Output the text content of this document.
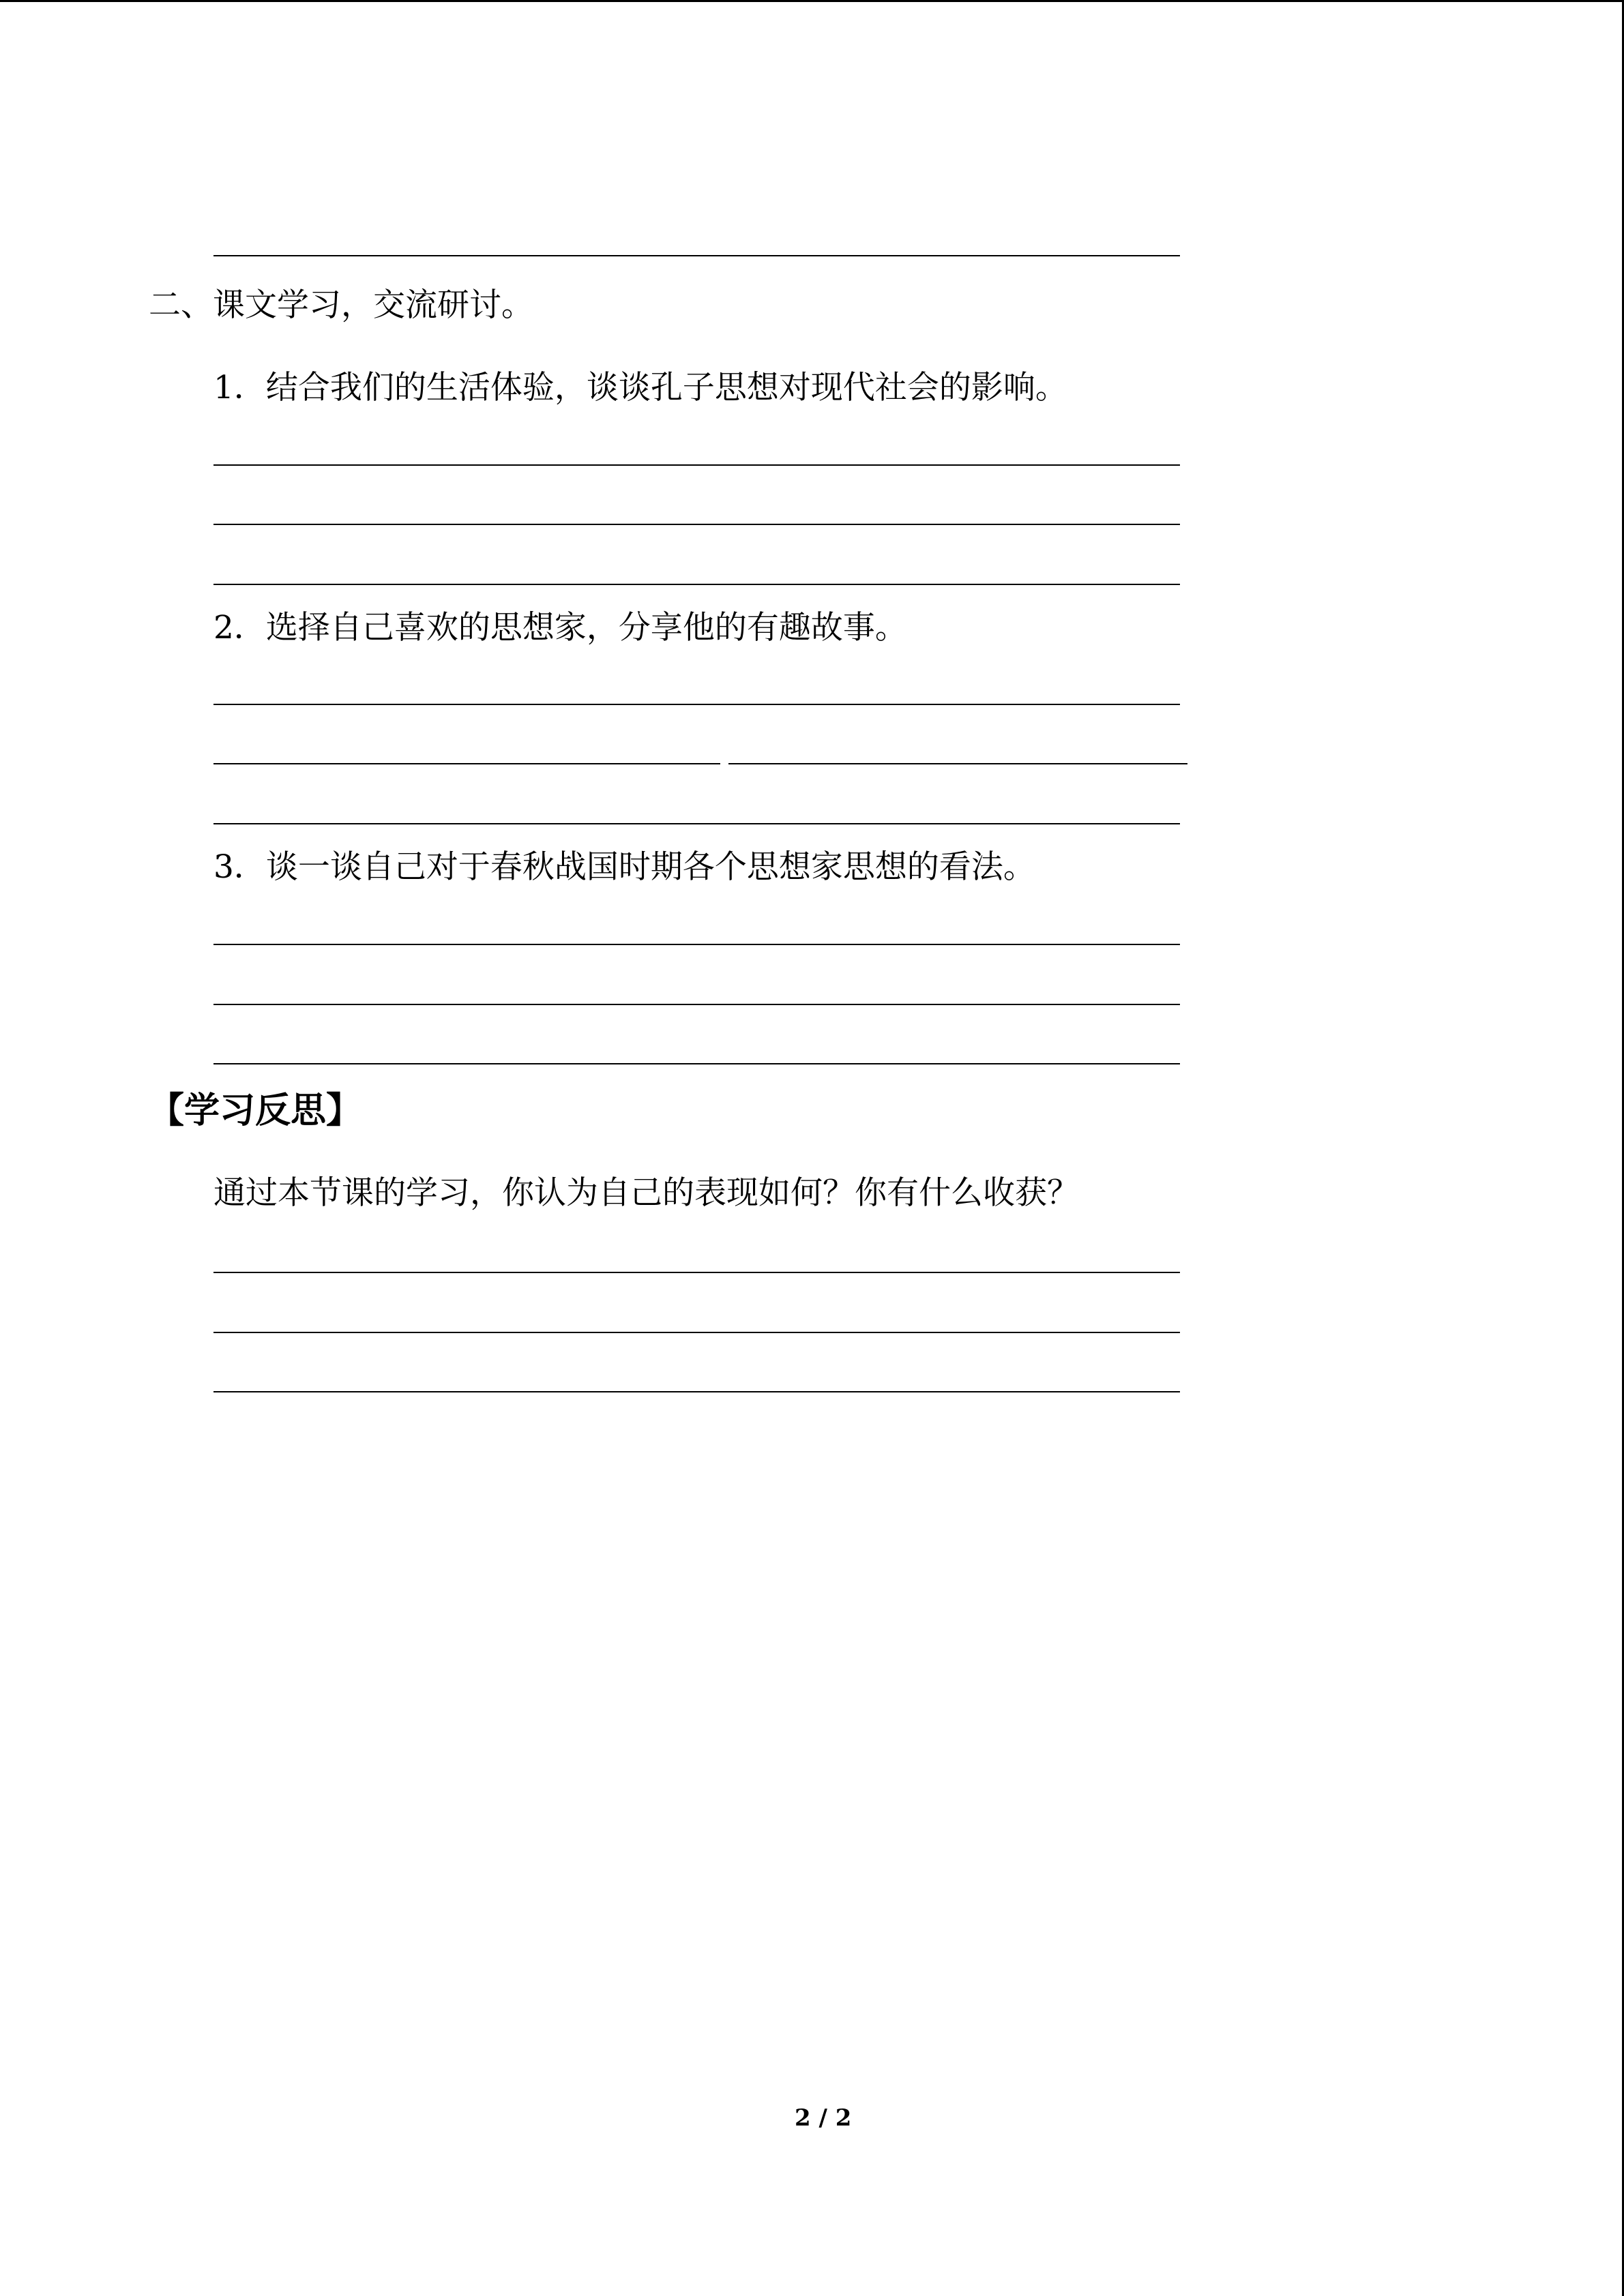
二、课文学习，交流研讨。
1．结合我们的生活体验，谈谈孔子思想对现代社会的影响。
2．选择自己喜欢的思想家，分享他的有趣故事。
3．谈一谈自己对于春秋战国时期各个思想家思想的看法。
【学习反思】
通过本节课的学习，你认为自己的表现如何？你有什么收获？
2 / 2
